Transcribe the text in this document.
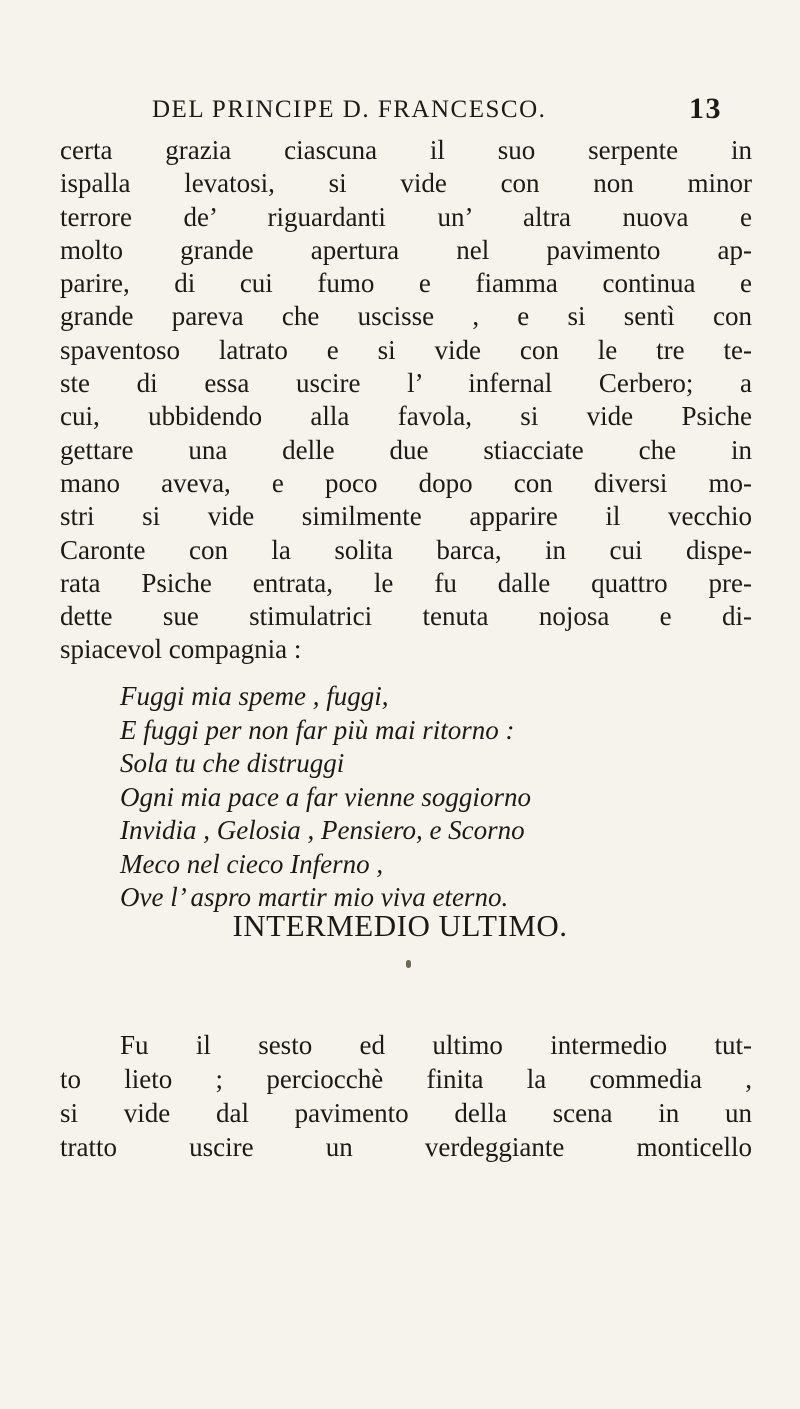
DEL PRINCIPE D. FRANCESCO.	13
certa grazia ciascuna il suo serpente in
ispalla levatosi, si vide con non minor
terrore de’ riguardanti un’ altra nuova e
molto grande apertura nel pavimento ap-
parire, di cui fumo e fiamma continua e
grande pareva che uscisse , e si sentì con
spaventoso latrato e si vide con le tre te-
ste di essa uscire l’ infernal Cerbero; a
cui, ubbidendo alla favola, si vide Psiche
gettare una delle due stiacciate che in
mano aveva, e poco dopo con diversi mo-
stri si vide similmente apparire il vecchio
Caronte con la solita barca, in cui dispe-
rata Psiche entrata, le fu dalle quattro pre-
dette sue stimulatrici tenuta nojosa e di-
spiacevol compagnia :
Fuggi mia speme , fuggi,
E fuggi per non far più mai ritorno :
Sola tu che distruggi
Ogni mia pace a far vienne soggiorno
Invidia , Gelosia , Pensiero, e Scorno
Meco nel cieco Inferno ,
Ove l’ aspro martir mio viva eterno.
INTERMEDIO ULTIMO.
Fu il sesto ed ultimo intermedio tut-
to lieto ; perciocchè finita la commedia ,
si vide dal pavimento della scena in un
tratto uscire un verdeggiante monticello
